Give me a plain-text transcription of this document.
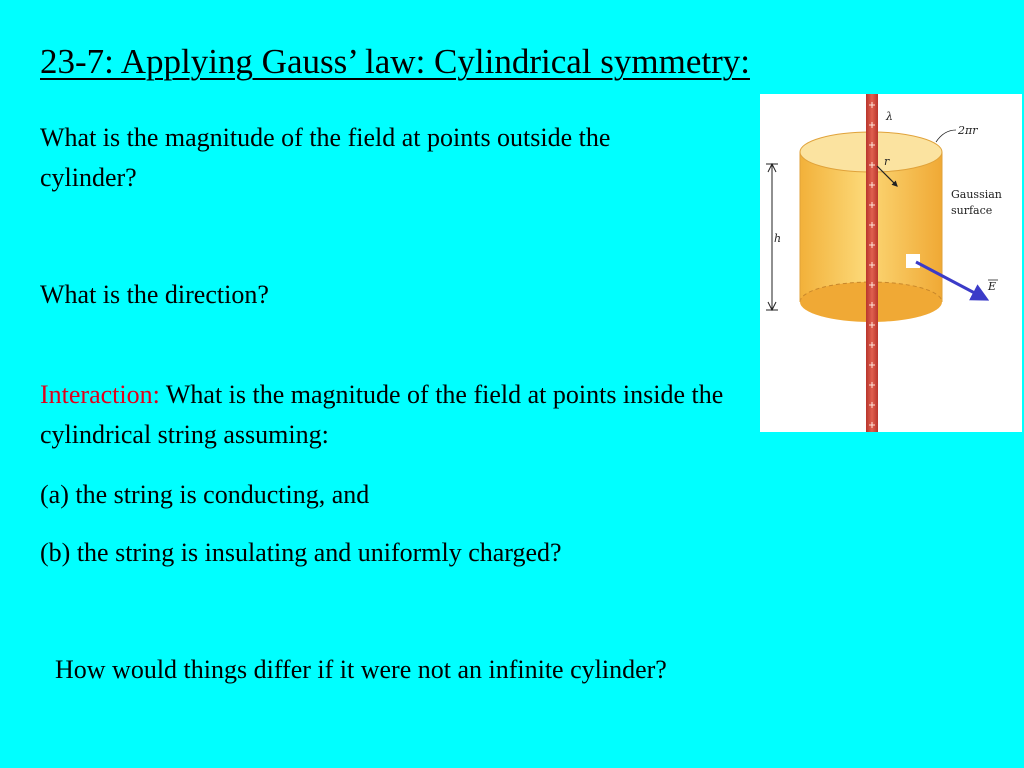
23-7: Applying Gauss’ law: Cylindrical symmetry:

What is the magnitude of the field at points outside the cylinder?

What is the direction?

Interaction: What is the magnitude of the field at points inside the cylindrical string assuming:

(a) the string is conducting, and

(b) the string is insulating and uniformly charged?

How would things differ if it were not an infinite cylinder?

λ
2πr
r
h
Gaussian
surface
E
